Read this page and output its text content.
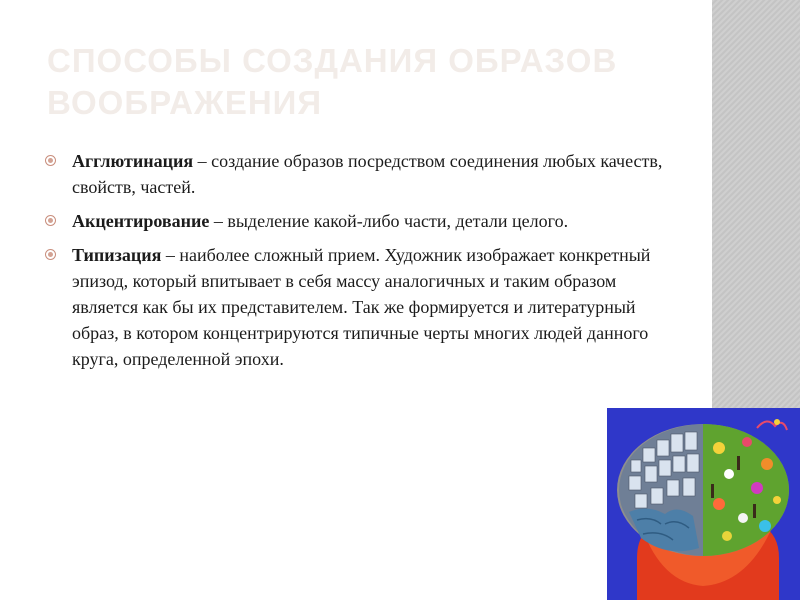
СПОСОБЫ СОЗДАНИЯ ОБРАЗОВ ВООБРАЖЕНИЯ
Агглютинация – создание образов посредством соединения любых качеств, свойств, частей.
Акцентирование – выделение какой-либо части, детали целого.
Типизация – наиболее сложный прием. Художник изображает конкретный эпизод, который впитывает в себя массу аналогичных и таким образом является как бы их представителем. Так же формируется и литературный образ, в котором концентрируются типичные черты многих людей данного круга, определенной эпохи.
